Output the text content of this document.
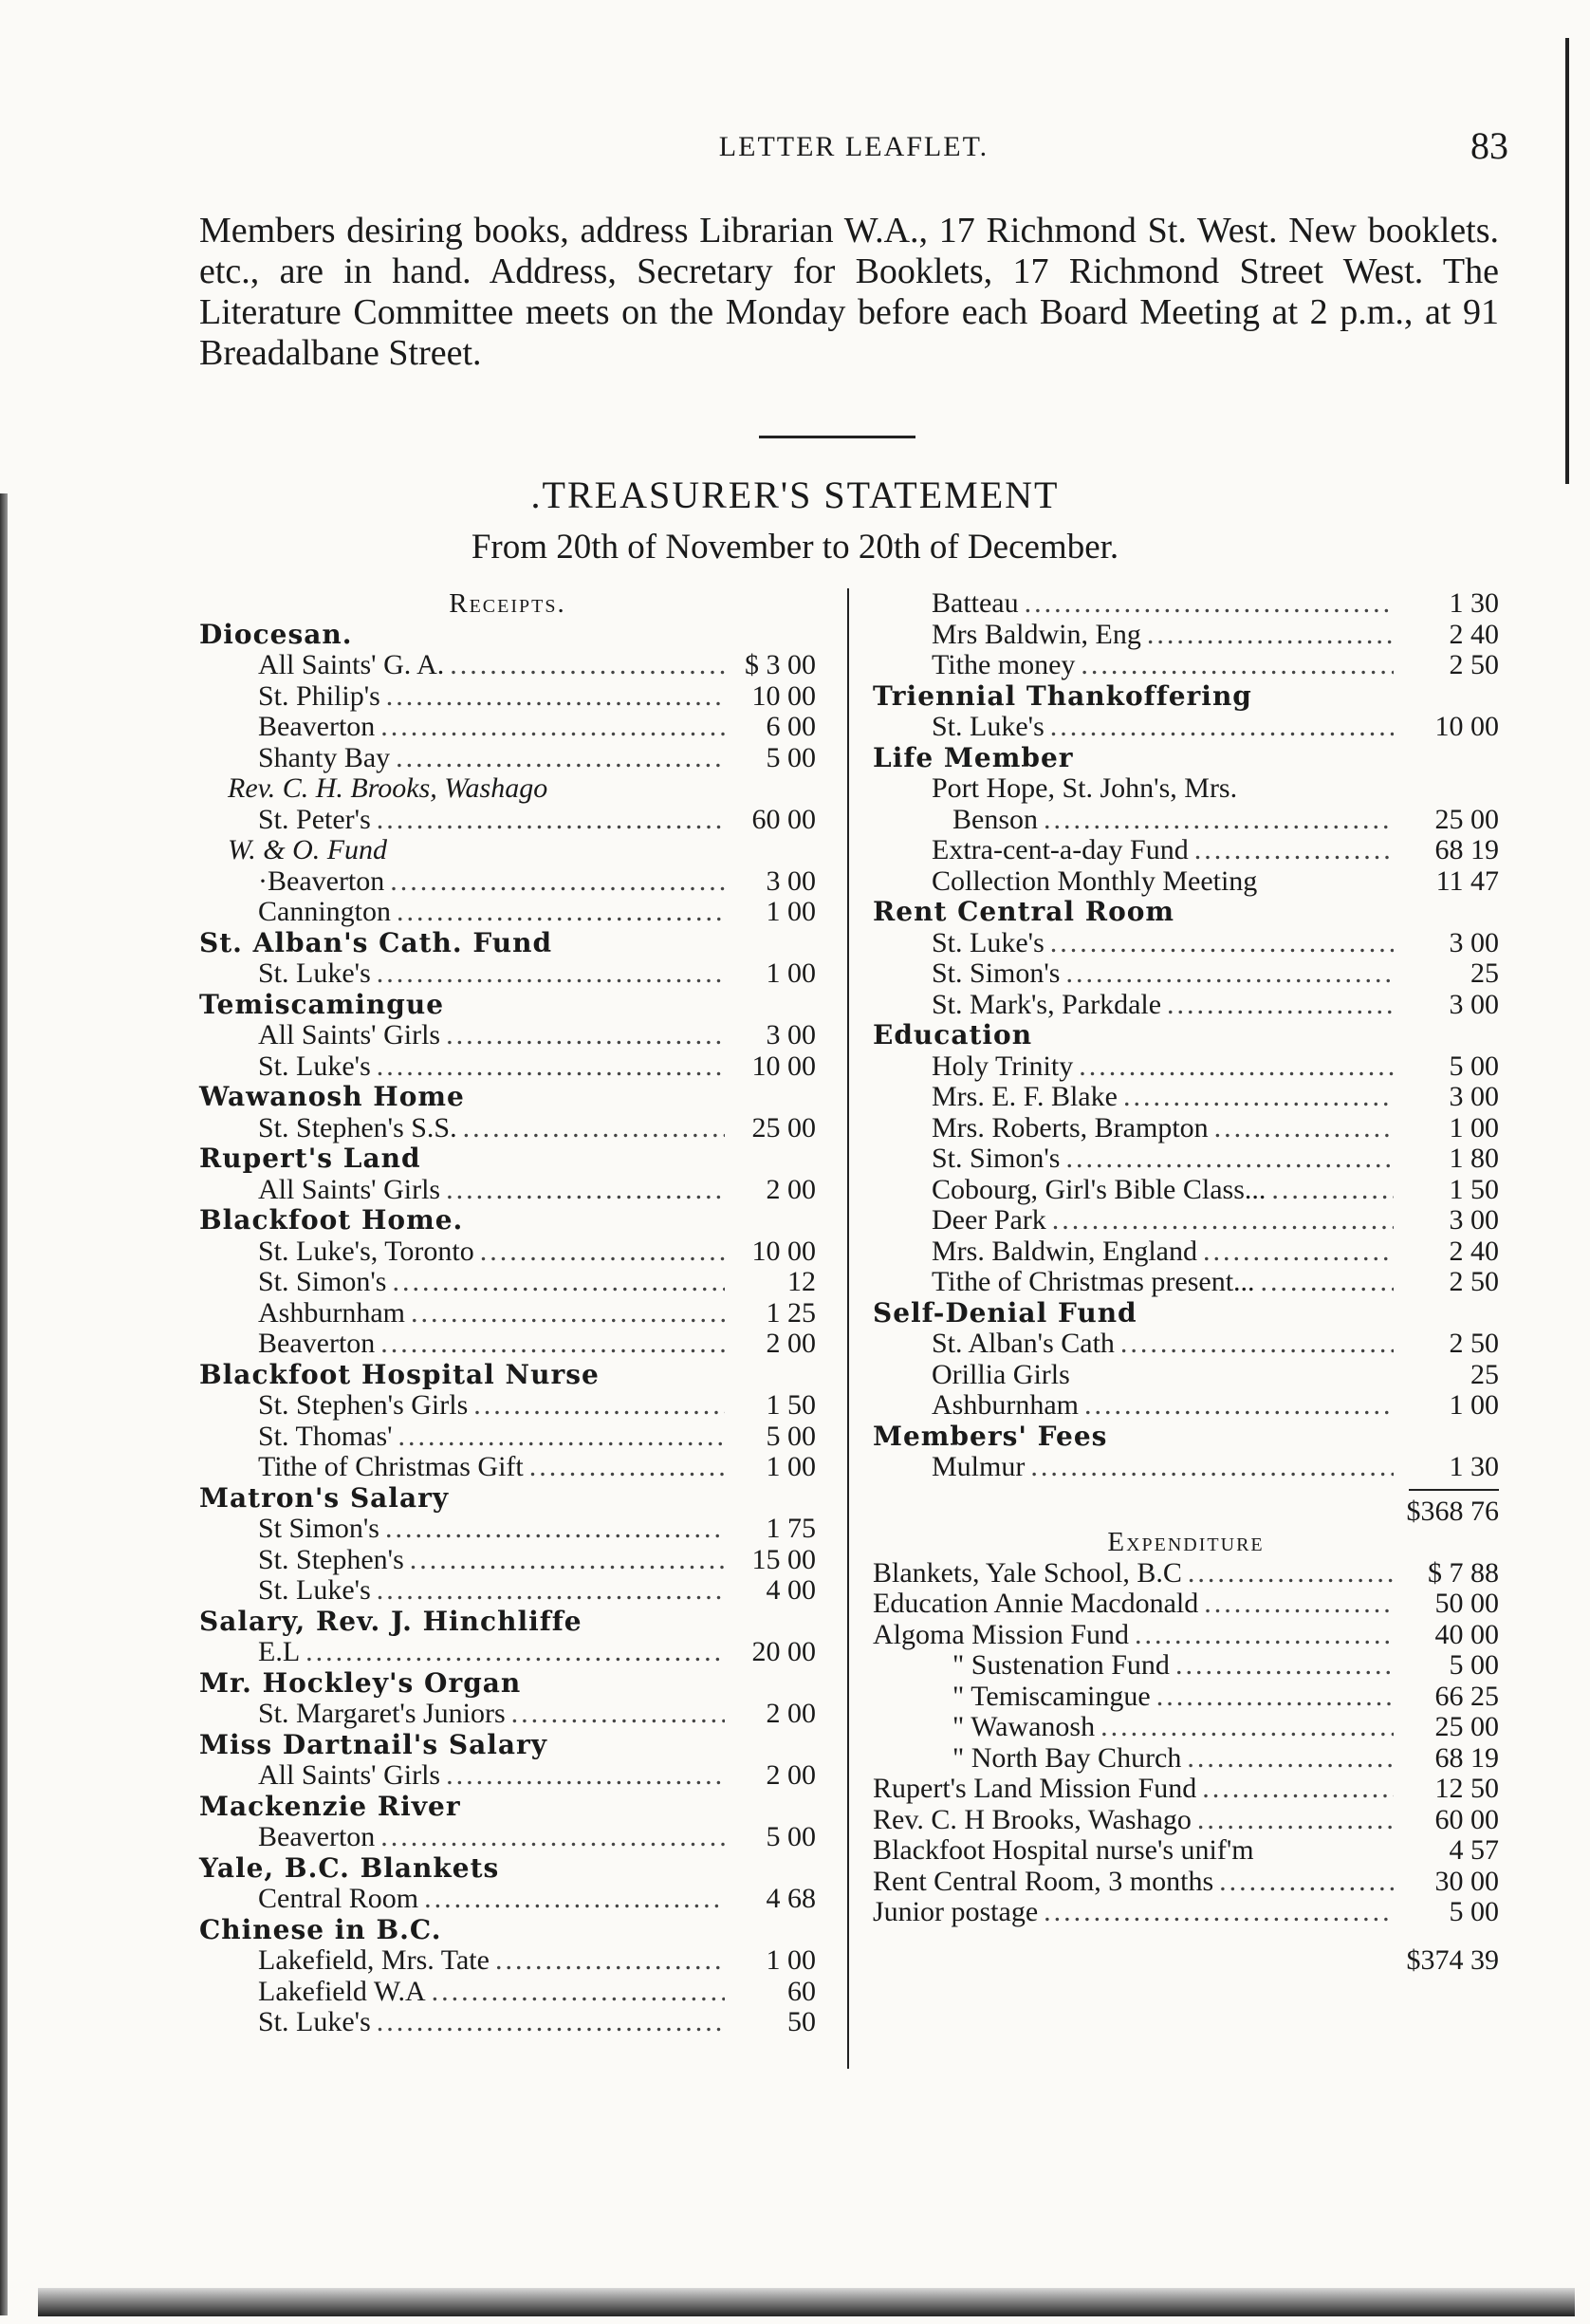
LETTER LEAFLET.	83
Members desiring books, address Librarian W.A., 17 Richmond St. West. New booklets. etc., are in hand. Address, Secretary for Booklets, 17 Richmond Street West. The Literature Committee meets on the Monday before each Board Meeting at 2 p.m., at 91 Breadalbane Street.
.TREASURER'S STATEMENT
From 20th of November to 20th of December.
Receipts.
Diocesan.
All Saints' G. A. .....	$ 3 00
St. Philip's .....	10 00
Beaverton .....	6 00
Shanty Bay .....	5 00
Rev. C. H. Brooks, Washago
St. Peter's .....	60 00
W. & O. Fund
·Beaverton .....	3 00
Cannington .....	1 00
St. Alban's Cath. Fund
St. Luke's .....	1 00
Temiscamingue
All Saints' Girls .....	3 00
St. Luke's .....	10 00
Wawanosh Home
St. Stephen's S.S. .....	25 00
Rupert's Land
All Saints' Girls .....	2 00
Blackfoot Home.
St. Luke's, Toronto .....	10 00
St. Simon's .....	12
Ashburnham .....	1 25
Beaverton .....	2 00
Blackfoot Hospital Nurse
St. Stephen's Girls .....	1 50
St. Thomas' .....	5 00
Tithe of Christmas Gift .....	1 00
Matron's Salary
St Simon's .....	1 75
St. Stephen's .....	15 00
St. Luke's .....	4 00
Salary, Rev. J. Hinchliffe
E.L .....	20 00
Mr. Hockley's Organ
St. Margaret's Juniors .....	2 00
Miss Dartnail's Salary
All Saints' Girls .....	2 00
Mackenzie River
Beaverton .....	5 00
Yale, B.C. Blankets
Central Room .....	4 68
Chinese in B.C.
Lakefield, Mrs. Tate .....	1 00
Lakefield W.A .....	60
St. Luke's .....	50
Batteau .....	1 30
Mrs Baldwin, Eng .....	2 40
Tithe money .....	2 50
Triennial Thankoffering
St. Luke's .....	10 00
Life Member
Port Hope, St. John's, Mrs.
Benson .....	25 00
Extra-cent-a-day Fund .....	68 19
Collection Monthly Meeting	11 47
Rent Central Room
St. Luke's .....	3 00
St. Simon's .....	25
St. Mark's, Parkdale .....	3 00
Education
Holy Trinity .....	5 00
Mrs. E. F. Blake .....	3 00
Mrs. Roberts, Brampton .....	1 00
St. Simon's .....	1 80
Cobourg, Girl's Bible Class... .....	1 50
Deer Park .....	3 00
Mrs. Baldwin, England .....	2 40
Tithe of Christmas present... .....	2 50
Self-Denial Fund
St. Alban's Cath .....	2 50
Orillia Girls	25
Ashburnham .....	1 00
Members' Fees
Mulmur .....	1 30
$368 76
Expenditure
Blankets, Yale School, B.C .....	$ 7 88
Education Annie Macdonald .....	50 00
Algoma Mission Fund .....	40 00
" Sustenation Fund .....	5 00
" Temiscamingue .....	66 25
" Wawanosh .....	25 00
" North Bay Church .....	68 19
Rupert's Land Mission Fund .....	12 50
Rev. C. H Brooks, Washago .....	60 00
Blackfoot Hospital nurse's unif'm	4 57
Rent Central Room, 3 months .....	30 00
Junior postage .....	5 00
$374 39
